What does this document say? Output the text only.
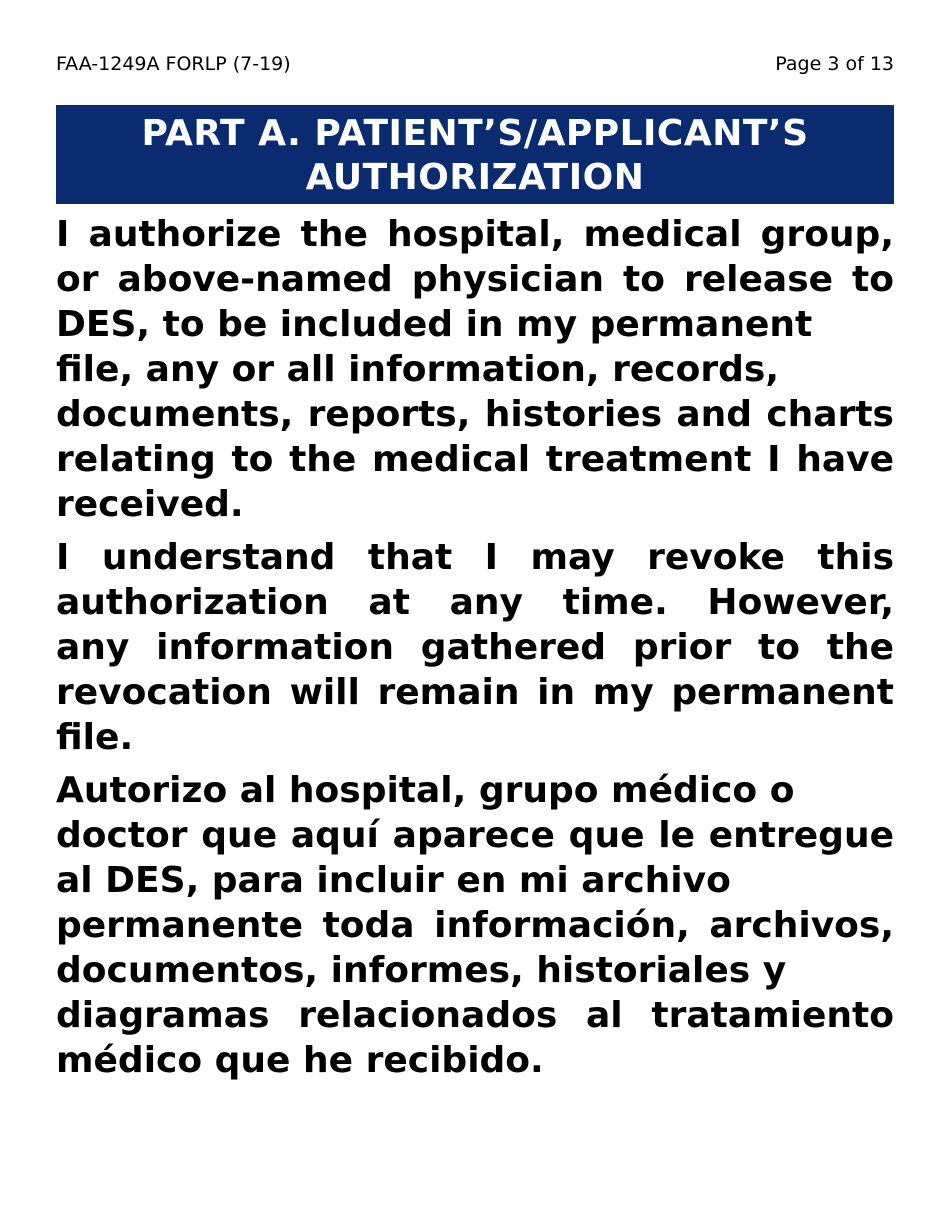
FAA-1249A FORLP (7-19)	Page 3 of 13
PART A. PATIENT’S/APPLICANT’S
AUTHORIZATION
I authorize the hospital, medical group,
or above-named physician to release to
DES, to be included in my permanent
file, any or all information, records,
documents, reports, histories and charts
relating to the medical treatment I have
received.
I understand that I may revoke this
authorization at any time. However,
any information gathered prior to the
revocation will remain in my permanent
file.
Autorizo al hospital, grupo médico o
doctor que aquí aparece que le entregue
al DES, para incluir en mi archivo
permanente toda información, archivos,
documentos, informes, historiales y
diagramas relacionados al tratamiento
médico que he recibido.
